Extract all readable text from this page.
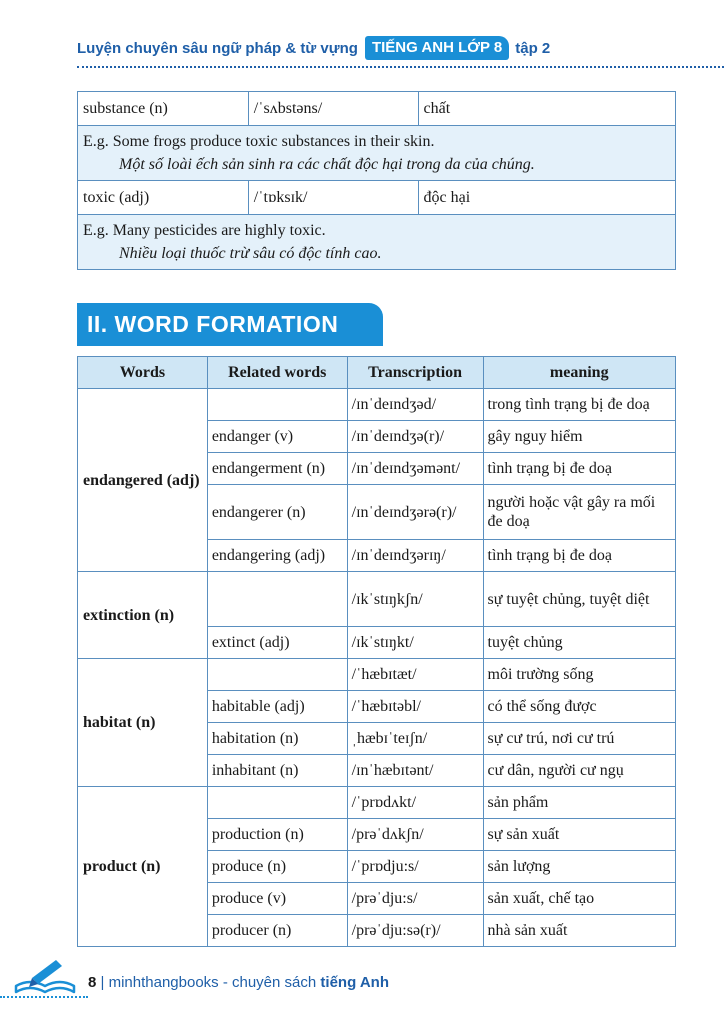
Luyện chuyên sâu ngữ pháp & từ vựng TIẾNG ANH LỚP 8 tập 2
substance (n)	/ˈsʌbstəns/	chất
E.g. Some frogs produce toxic substances in their skin.
Một số loài ếch sản sinh ra các chất độc hại trong da của chúng.		

toxic (adj)	/ˈtɒksɪk/	độc hại
E.g. Many pesticides are highly toxic.
Nhiều loại thuốc trừ sâu có độc tính cao.		
II. WORD FORMATION
Words	Related words	Transcription	meaning
endangered (adj)		/ɪnˈdeɪndʒəd/	trong tình trạng bị đe doạ
	endanger (v)	/ɪnˈdeɪndʒə(r)/	gây nguy hiểm
	endangerment (n)	/ɪnˈdeɪndʒəmənt/	tình trạng bị đe doạ
	endangerer (n)	/ɪnˈdeɪndʒərə(r)/	người hoặc vật gây ra mối đe doạ
	endangering (adj)	/ɪnˈdeɪndʒərɪŋ/	tình trạng bị đe doạ
extinction (n)		/ɪkˈstɪŋkʃn/	sự tuyệt chủng, tuyệt diệt
	extinct (adj)	/ɪkˈstɪŋkt/	tuyệt chủng
habitat (n)		/ˈhæbɪtæt/	môi trường sống
	habitable (adj)	/ˈhæbɪtəbl/	có thể sống được
	habitation (n)	ˌhæbɪˈteɪʃn/	sự cư trú, nơi cư trú
	inhabitant (n)	/ɪnˈhæbɪtənt/	cư dân, người cư ngụ
product (n)		/ˈprɒdʌkt/	sản phẩm
	production (n)	/prəˈdʌkʃn/	sự sản xuất
	produce (n)	/ˈprɒdju:s/	sản lượng
	produce (v)	/prəˈdju:s/	sản xuất, chế tạo
	producer (n)	/prəˈdju:sə(r)/	nhà sản xuất
8 | minhthangbooks - chuyên sách tiếng Anh
